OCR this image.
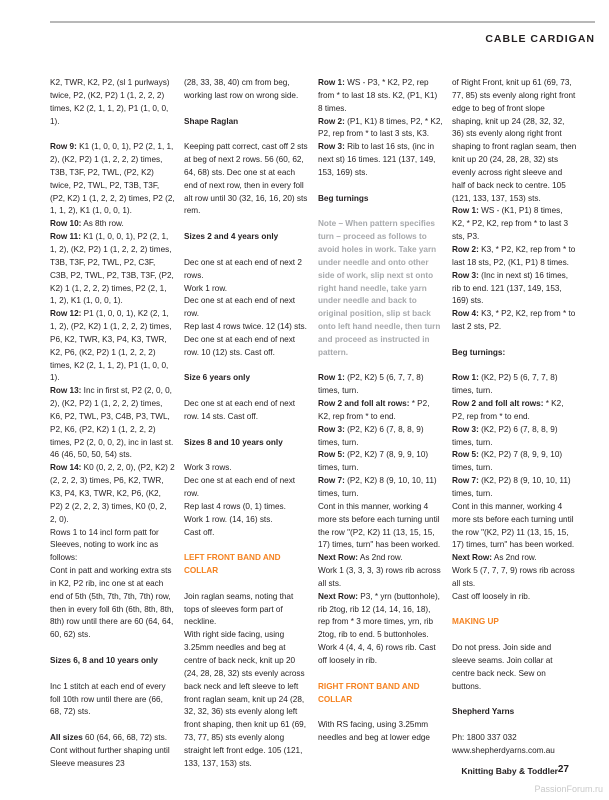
CABLE CARDIGAN

K2, TWR, K2, P2, (sl 1 purlways) twice, P2, (K2, P2) 1 (1, 2, 2, 2) times, K2 (2, 1, 1, 2), P1 (1, 0, 0, 1).

Row 9: K1 (1, 0, 0, 1), P2 (2, 1, 1, 2), (K2, P2) 1 (1, 2, 2, 2) times, T3B, T3F, P2, TWL, (P2, K2) twice, P2, TWL, P2, T3B, T3F, (P2, K2) 1 (1, 2, 2, 2) times, P2 (2, 1, 1, 2), K1 (1, 0, 0, 1).

Row 10: As 8th row.

Row 11: K1 (1, 0, 0, 1), P2 (2, 1, 1, 2), (K2, P2) 1 (1, 2, 2, 2) times, T3B, T3F, P2, TWL, P2, C3F, C3B, P2, TWL, P2, T3B, T3F, (P2, K2) 1 (1, 2, 2, 2) times, P2 (2, 1, 1, 2), K1 (1, 0, 0, 1).

Row 12: P1 (1, 0, 0, 1), K2 (2, 1, 1, 2), (P2, K2) 1 (1, 2, 2, 2) times, P6, K2, TWR, K3, P4, K3, TWR, K2, P6, (K2, P2) 1 (1, 2, 2, 2) times, K2 (2, 1, 1, 2), P1 (1, 0, 0, 1).

Row 13: Inc in first st, P2 (2, 0, 0, 2), (K2, P2) 1 (1, 2, 2, 2) times, K6, P2, TWL, P3, C4B, P3, TWL, P2, K6, (P2, K2) 1 (1, 2, 2, 2) times, P2 (2, 0, 0, 2), inc in last st. 46 (46, 50, 50, 54) sts.

Row 14: K0 (0, 2, 2, 0), (P2, K2) 2 (2, 2, 2, 3) times, P6, K2, TWR, K3, P4, K3, TWR, K2, P6, (K2, P2) 2 (2, 2, 2, 3) times, K0 (0, 2, 2, 0).

Rows 1 to 14 incl form patt for Sleeves, noting to work inc as follows:

Cont in patt and working extra sts in K2, P2 rib, inc one st at each end of 5th (5th, 7th, 7th, 7th) row, then in every foll 6th (6th, 8th, 8th, 8th) row until there are 60 (64, 64, 60, 62) sts.

Sizes 6, 8 and 10 years only

Inc 1 stitch at each end of every foll 10th row until there are (66, 68, 72) sts.

All sizes 60 (64, 66, 68, 72) sts. Cont without further shaping until Sleeve measures 23

(28, 33, 38, 40) cm from beg, working last row on wrong side.

Shape Raglan

Keeping patt correct, cast off 2 sts at beg of next 2 rows. 56 (60, 62, 64, 68) sts. Dec one st at each end of next row, then in every foll alt row until 30 (32, 16, 16, 20) sts rem.

Sizes 2 and 4 years only

Dec one st at each end of next 2 rows.

Work 1 row.

Dec one st at each end of next row.

Rep last 4 rows twice. 12 (14) sts.

Dec one st at each end of next row. 10 (12) sts. Cast off.

Size 6 years only

Dec one st at each end of next row. 14 sts. Cast off.

Sizes 8 and 10 years only

Work 3 rows.

Dec one st at each end of next row.

Rep last 4 rows (0, 1) times.

Work 1 row. (14, 16) sts.

Cast off.

LEFT FRONT BAND AND COLLAR

Join raglan seams, noting that tops of sleeves form part of neckline.

With right side facing, using 3.25mm needles and beg at centre of back neck, knit up 20 (24, 28, 28, 32) sts evenly across back neck and left sleeve to left front raglan seam, knit up 24 (28, 32, 32, 36) sts evenly along left front shaping, then knit up 61 (69, 73, 77, 85) sts evenly along straight left front edge. 105 (121, 133, 137, 153) sts.

Row 1: WS - P3, * K2, P2, rep from * to last 18 sts. K2, (P1, K1) 8 times.

Row 2: (P1, K1) 8 times, P2, * K2, P2, rep from * to last 3 sts, K3.

Row 3: Rib to last 16 sts, (inc in next st) 16 times. 121 (137, 149, 153, 169) sts.

Beg turnings

Note – When pattern specifies turn – proceed as follows to avoid holes in work. Take yarn under needle and onto other side of work, slip next st onto right hand needle, take yarn under needle and back to original position, slip st back onto left hand needle, then turn and proceed as instructed in pattern.

Row 1: (P2, K2) 5 (6, 7, 7, 8) times, turn.

Row 2 and foll alt rows: * P2, K2, rep from * to end.

Row 3: (P2, K2) 6 (7, 8, 8, 9) times, turn.

Row 5: (P2, K2) 7 (8, 9, 9, 10) times, turn.

Row 7: (P2, K2) 8 (9, 10, 10, 11) times, turn.

Cont in this manner, working 4 more sts before each turning until the row "(P2, K2) 11 (13, 15, 15, 17) times, turn" has been worked.

Next Row: As 2nd row.

Work 1 (3, 3, 3, 3) rows rib across all sts.

Next Row: P3, * yrn (buttonhole), rib 2tog, rib 12 (14, 14, 16, 18), rep from * 3 more times, yrn, rib 2tog, rib to end. 5 buttonholes.

Work 4 (4, 4, 4, 6) rows rib. Cast off loosely in rib.

RIGHT FRONT BAND AND COLLAR

With RS facing, using 3.25mm needles and beg at lower edge

of Right Front, knit up 61 (69, 73, 77, 85) sts evenly along right front edge to beg of front slope shaping, knit up 24 (28, 32, 32, 36) sts evenly along right front shaping to front raglan seam, then knit up 20 (24, 28, 28, 32) sts evenly across right sleeve and half of back neck to centre. 105 (121, 133, 137, 153) sts.

Row 1: WS - (K1, P1) 8 times, K2, * P2, K2, rep from * to last 3 sts, P3.

Row 2: K3, * P2, K2, rep from * to last 18 sts, P2, (K1, P1) 8 times.

Row 3: (Inc in next st) 16 times, rib to end. 121 (137, 149, 153, 169) sts.

Row 4: K3, * P2, K2, rep from * to last 2 sts, P2.

Beg turnings:

Row 1: (K2, P2) 5 (6, 7, 7, 8) times, turn.

Row 2 and foll alt rows: * K2, P2, rep from * to end.

Row 3: (K2, P2) 6 (7, 8, 8, 9) times, turn.

Row 5: (K2, P2) 7 (8, 9, 9, 10) times, turn.

Row 7: (K2, P2) 8 (9, 10, 10, 11) times, turn.

Cont in this manner, working 4 more sts before each turning until the row "(K2, P2) 11 (13, 15, 15, 17) times, turn" has been worked.

Next Row: As 2nd row.

Work 5 (7, 7, 7, 9) rows rib across all sts.

Cast off loosely in rib.

MAKING UP

Do not press. Join side and sleeve seams. Join collar at centre back neck. Sew on buttons.

Shepherd Yarns

Ph: 1800 337 032

www.shepherdyarns.com.au

Knitting Baby & Toddler 27
PassionForum.ru
